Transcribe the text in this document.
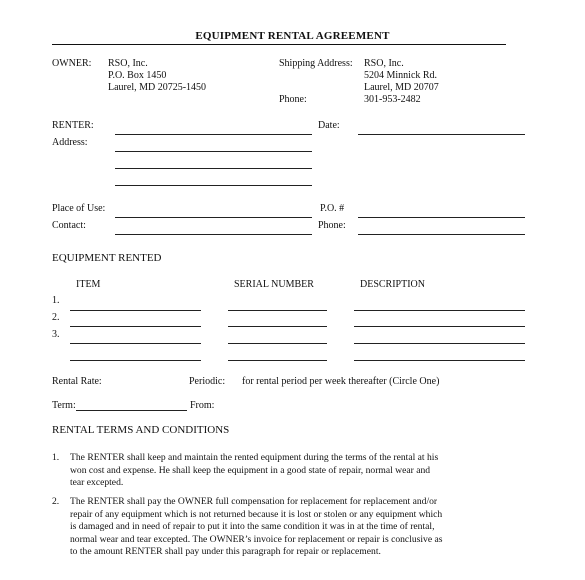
EQUIPMENT RENTAL AGREEMENT
OWNER: RSO, Inc.
P.O. Box 1450
Laurel, MD 20725-1450
Shipping Address: RSO, Inc.
5204 Minnick Rd.
Laurel, MD 20707
Phone:	301-953-2482
RENTER:
Address:
Date:
Place of Use:
Contact:
P.O. #
Phone:
EQUIPMENT RENTED
ITEM	SERIAL NUMBER	DESCRIPTION
1.
2.
3.
Rental Rate:	Periodic: for rental period per week thereafter (Circle One)
Term:	From:
RENTAL TERMS AND CONDITIONS
1. The RENTER shall keep and maintain the rented equipment during the terms of the rental at his
won cost and expense. He shall keep the equipment in a good state of repair, normal wear and
tear excepted.
2. The RENTER shall pay the OWNER full compensation for replacement for replacement and/or
repair of any equipment which is not returned because it is lost or stolen or any equipment which
is damaged and in need of repair to put it into the same condition it was in at the time of rental,
normal wear and tear excepted. The OWNER’s invoice for replacement or repair is conclusive as
to the amount RENTER shall pay under this paragraph for repair or replacement.
